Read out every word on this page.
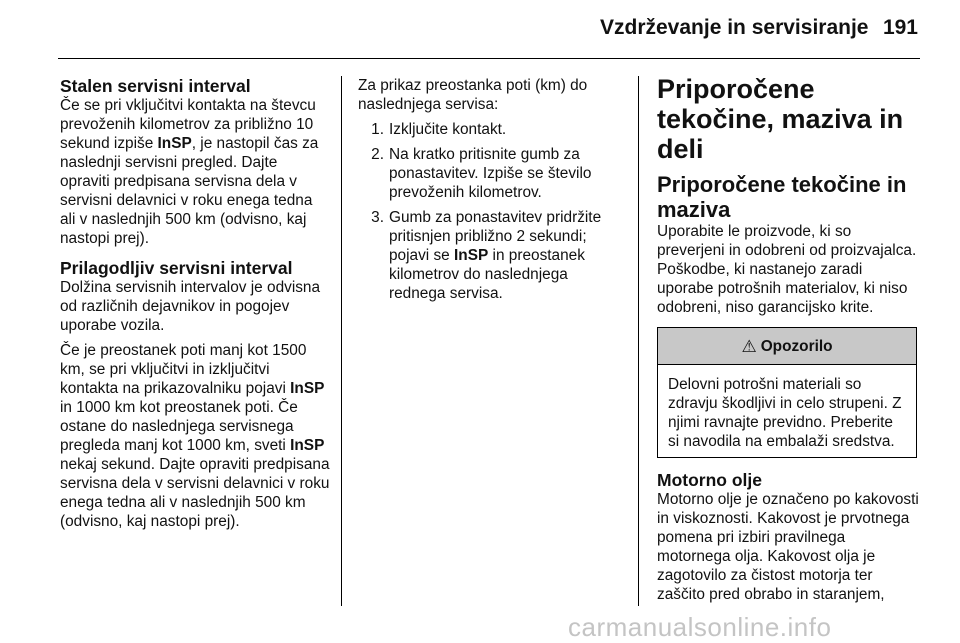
Vzdrževanje in servisiranje 191

Stalen servisni interval

Če se pri vključitvi kontakta na števcu prevoženih kilometrov za približno 10 sekund izpiše InSP, je nastopil čas za naslednji servisni pregled. Dajte opraviti predpisana servisna dela v servisni delavnici v roku enega tedna ali v naslednjih 500 km (odvisno, kaj nastopi prej).

Prilagodljiv servisni interval

Dolžina servisnih intervalov je odvisna od različnih dejavnikov in pogojev uporabe vozila.

Če je preostanek poti manj kot 1500 km, se pri vključitvi in izključitvi kontakta na prikazovalniku pojavi InSP in 1000 km kot preostanek poti. Če ostane do naslednjega servisnega pregleda manj kot 1000 km, sveti InSP nekaj sekund. Dajte opraviti predpisana servisna dela v servisni delavnici v roku enega tedna ali v naslednjih 500 km (odvisno, kaj nastopi prej).

Za prikaz preostanka poti (km) do naslednjega servisa:

1. Izključite kontakt.
2. Na kratko pritisnite gumb za ponastavitev. Izpiše se število prevoženih kilometrov.
3. Gumb za ponastavitev pridržite pritisnjen približno 2 sekundi; pojavi se InSP in preostanek kilometrov do naslednjega rednega servisa.

Priporočene tekočine, maziva in deli

Priporočene tekočine in maziva

Uporabite le proizvode, ki so preverjeni in odobreni od proizvajalca. Poškodbe, ki nastanejo zaradi uporabe potrošnih materialov, ki niso odobreni, niso garancijsko krite.

⚠ Opozorilo
Delovni potrošni materiali so zdravju škodljivi in celo strupeni. Z njimi ravnajte previdno. Preberite si navodila na embalaži sredstva.

Motorno olje

Motorno olje je označeno po kakovosti in viskoznosti. Kakovost je prvotnega pomena pri izbiri pravilnega motornega olja. Kakovost olja je zagotovilo za čistost motorja ter zaščito pred obrabo in staranjem,

carmanualsonline.info
